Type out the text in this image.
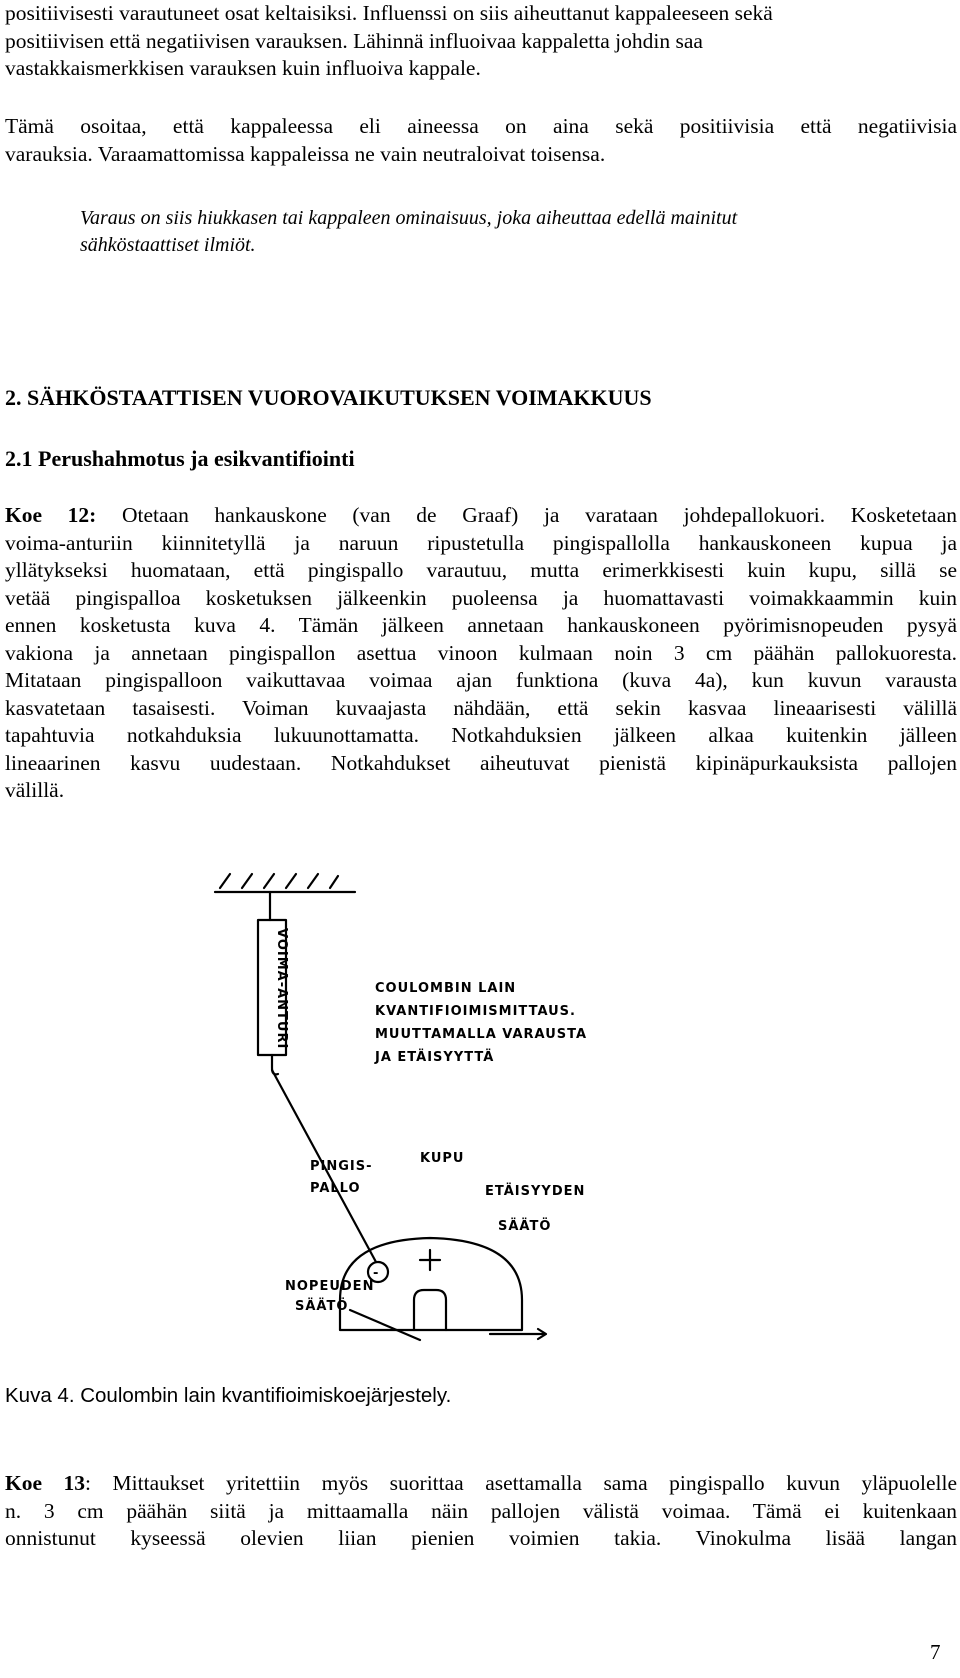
positiivisesti varautuneet osat keltaisiksi. Influenssi on siis aiheuttanut kappaleeseen sekä
positiivisen että negatiivisen varauksen. Lähinnä influoivaa kappaletta johdin saa
vastakkaismerkkisen varauksen kuin influoiva kappale.
Tämä osoitaa, että kappaleessa eli aineessa on aina sekä positiivisia että negatiivisia
varauksia. Varaamattomissa kappaleissa ne vain neutraloivat toisensa.
Varaus on siis hiukkasen tai kappaleen ominaisuus, joka aiheuttaa edellä mainitut
sähköstaattiset ilmiöt.
2. SÄHKÖSTAATTISEN VUOROVAIKUTUKSEN VOIMAKKUUS
2.1 Perushahmotus ja esikvantifiointi
Koe 12: Otetaan hankauskone (van de Graaf) ja varataan johdepallokuori. Kosketetaan
voima-anturiin kiinnitetyllä ja naruun ripustetulla pingispallolla hankauskoneen kupua ja
yllätykseksi huomataan, että pingispallo varautuu, mutta erimerkkisesti kuin kupu, sillä se
vetää pingispalloa kosketuksen jälkeenkin puoleensa ja huomattavasti voimakkaammin kuin
ennen kosketusta kuva 4. Tämän jälkeen annetaan hankauskoneen pyörimisnopeuden pysyä
vakiona ja annetaan pingispallon asettua vinoon kulmaan noin 3 cm päähän pallokuoresta.
Mitataan pingispalloon vaikuttavaa voimaa ajan funktiona (kuva 4a), kun kuvun varausta
kasvatetaan tasaisesti. Voiman kuvaajasta nähdään, että sekin kasvaa lineaarisesti välillä
tapahtuvia notkahduksia lukuunottamatta. Notkahduksien jälkeen alkaa kuitenkin jälleen
lineaarinen kasvu uudestaan. Notkahdukset aiheutuvat pienistä kipinäpurkauksista pallojen
välillä.
VOIMA-ANTURI
-
COULOMBIN LAIN
KVANTIFIOIMISMITTAUS.
MUUTTAMALLA VARAUSTA
JA ETÄISYYTTÄ
PINGIS-
PALLO
KUPU
ETÄISYYDEN
SÄÄTÖ
NOPEUDEN
SÄÄTÖ
Kuva 4. Coulombin lain kvantifioimiskoejärjestely.
Koe 13: Mittaukset yritettiin myös suorittaa asettamalla sama pingispallo kuvun yläpuolelle
n. 3 cm päähän siitä ja mittaamalla näin pallojen välistä voimaa. Tämä ei kuitenkaan
onnistunut kyseessä olevien liian pienien voimien takia. Vinokulma lisää langan
7
